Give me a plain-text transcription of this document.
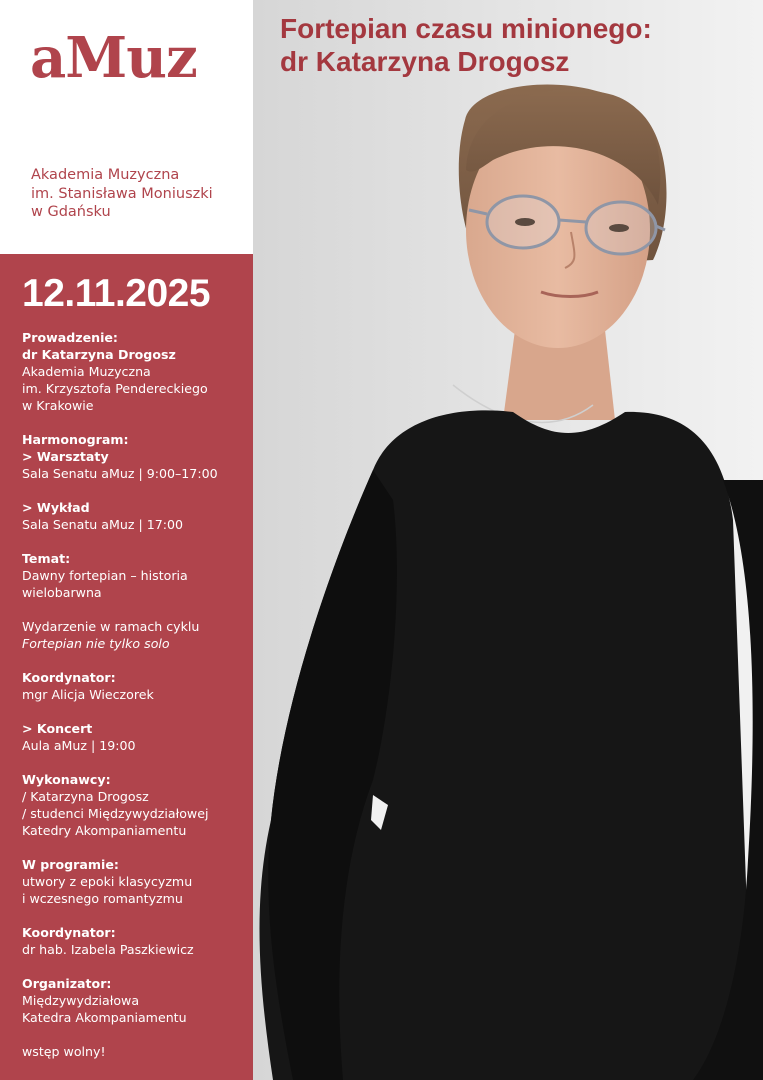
aMuz
Akademia Muzyczna
im. Stanisława Moniuszki
w Gdańsku
12.11.2025
Prowadzenie:
dr Katarzyna Drogosz
Akademia Muzyczna
im. Krzysztofa Pendereckiego
w Krakowie
Harmonogram:
> Warsztaty
Sala Senatu aMuz | 9:00–17:00
> Wykład
Sala Senatu aMuz | 17:00
Temat:
Dawny fortepian – historia
wielobarwna
Wydarzenie w ramach cyklu
Fortepian nie tylko solo
Koordynator:
mgr Alicja Wieczorek
> Koncert
Aula aMuz | 19:00
Wykonawcy:
/ Katarzyna Drogosz
/ studenci Międzywydziałowej
Katedry Akompaniamentu
W programie:
utwory z epoki klasycyzmu
i wczesnego romantyzmu
Koordynator:
dr hab. Izabela Paszkiewicz
Organizator:
Międzywydziałowa
Katedra Akompaniamentu
wstęp wolny!
Fortepian czasu minionego:
dr Katarzyna Drogosz
